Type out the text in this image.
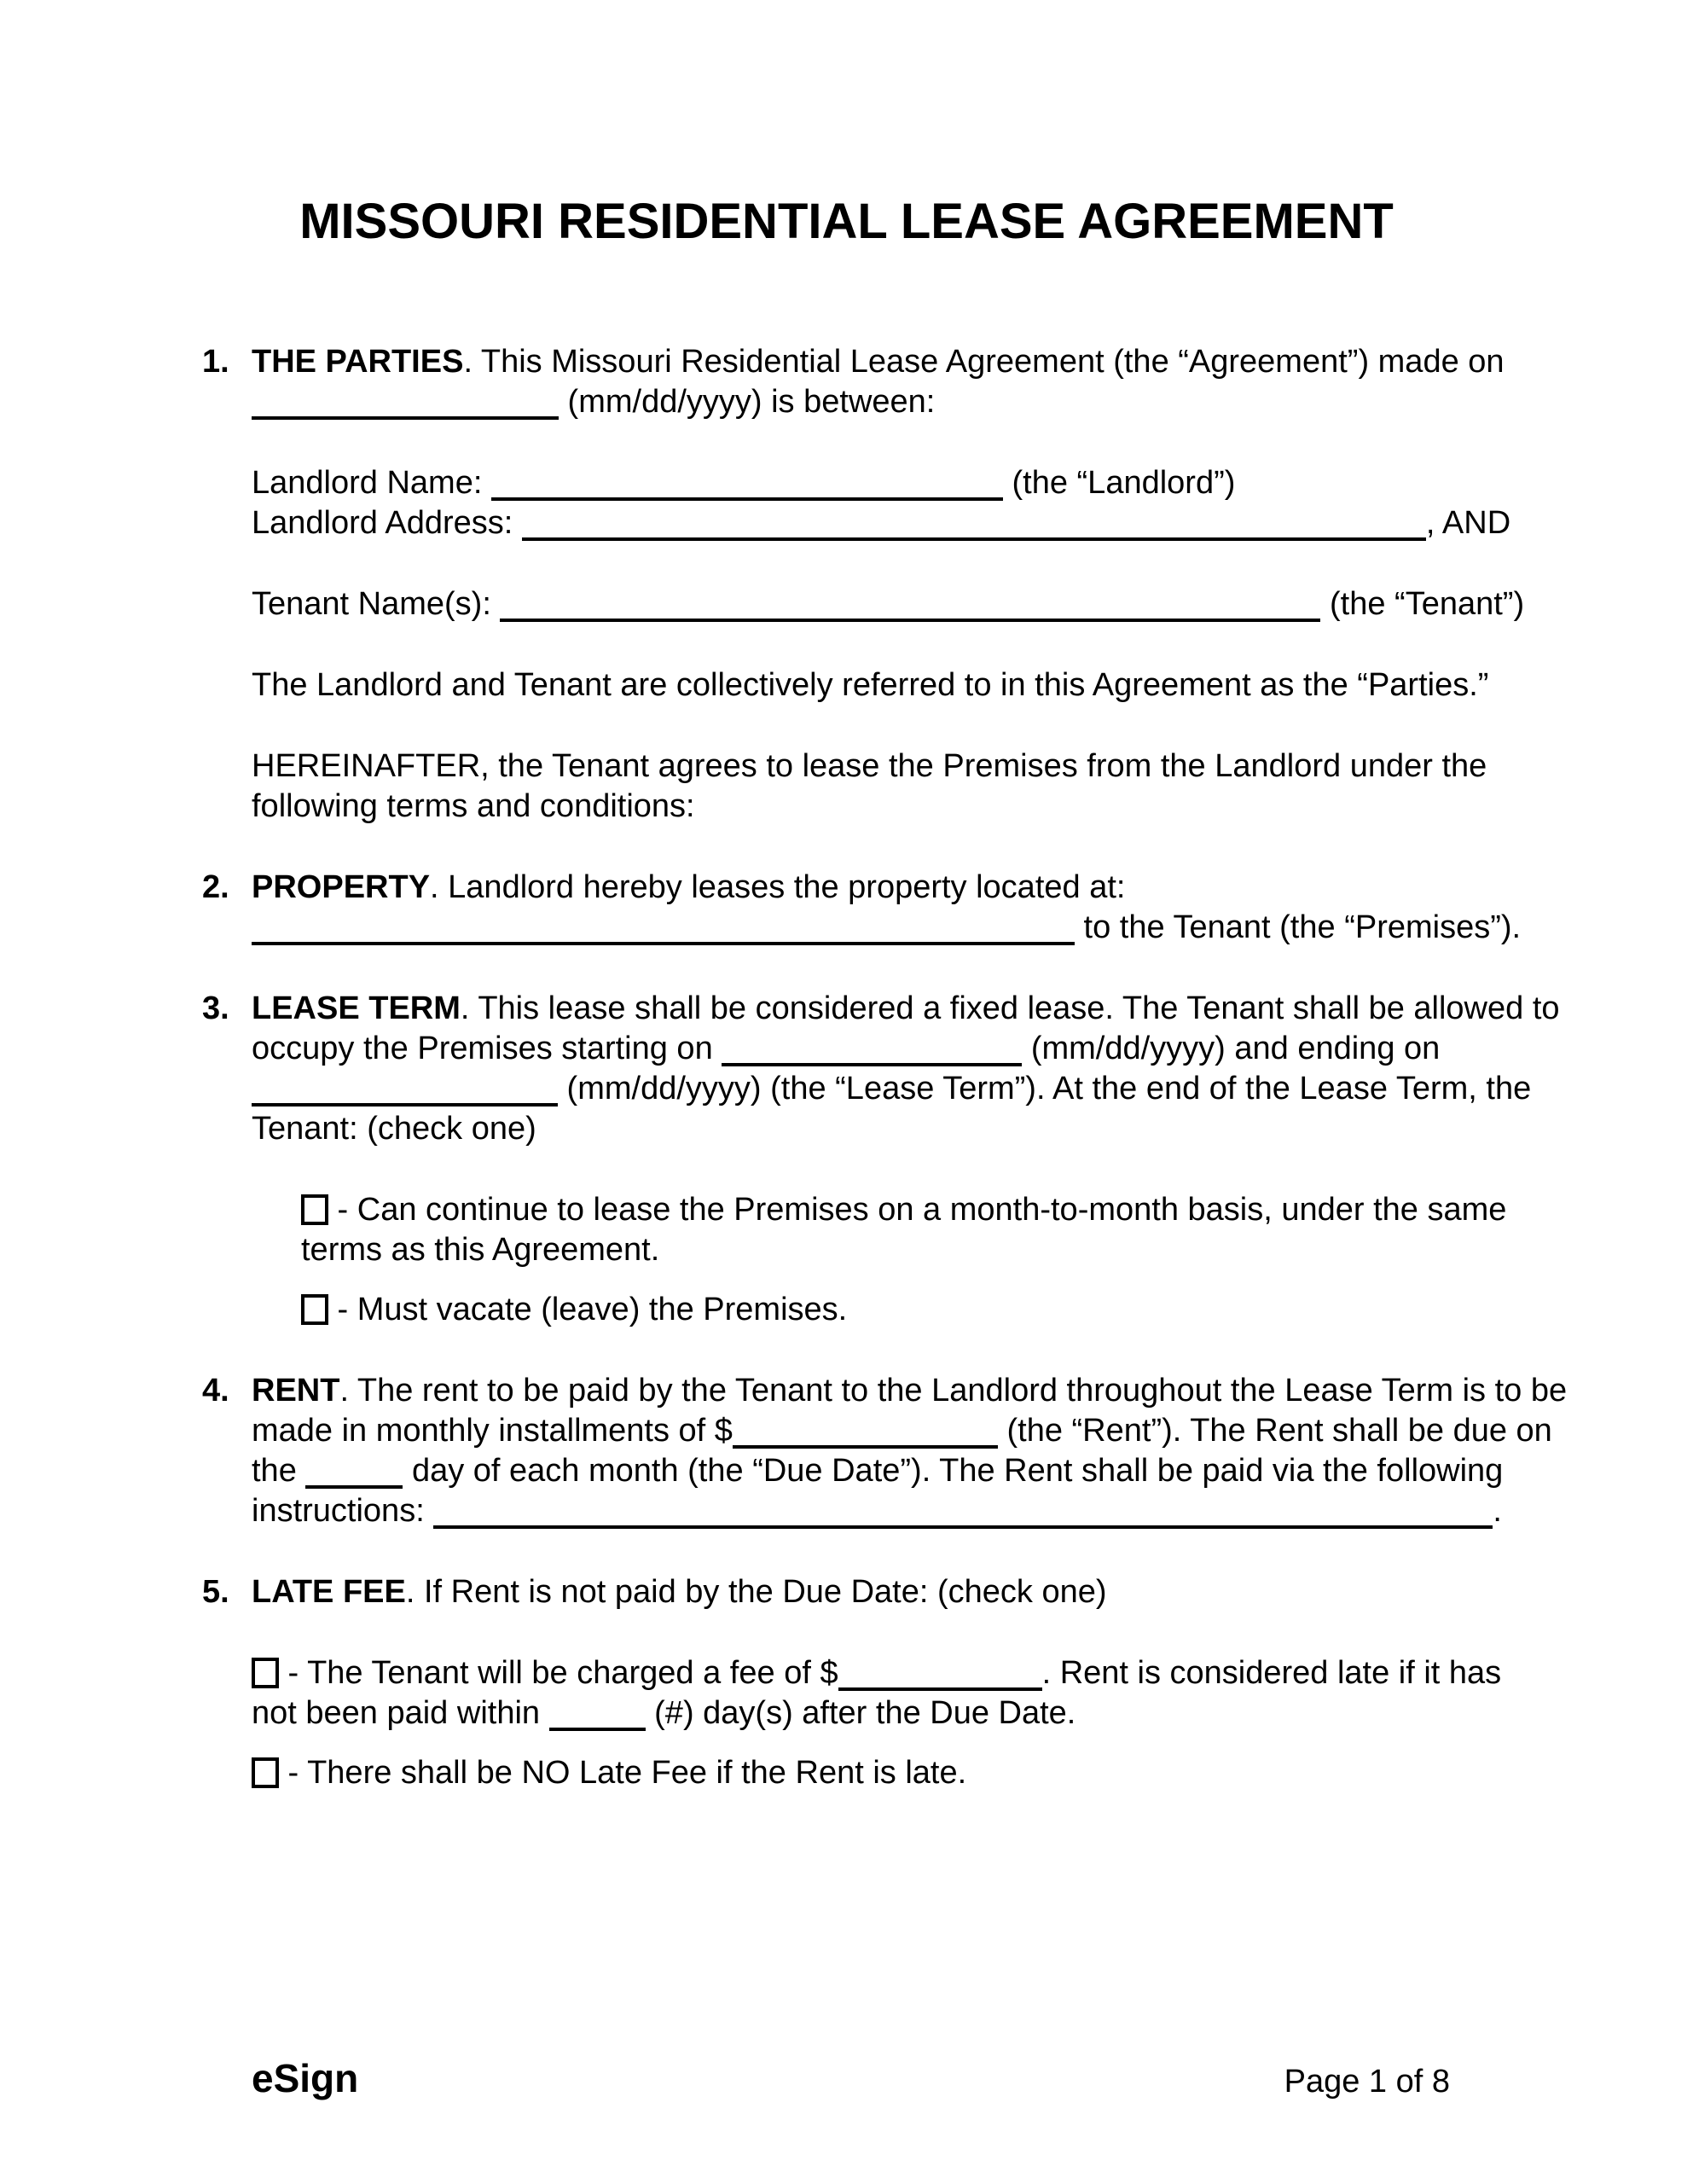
MISSOURI RESIDENTIAL LEASE AGREEMENT
1. THE PARTIES. This Missouri Residential Lease Agreement (the “Agreement”) made on
(mm/dd/yyyy) is between:
Landlord Name:	(the “Landlord”)
Landlord Address:	, AND
Tenant Name(s):	(the “Tenant”)
The Landlord and Tenant are collectively referred to in this Agreement as the “Parties.”
HEREINAFTER, the Tenant agrees to lease the Premises from the Landlord under the
following terms and conditions:
2. PROPERTY. Landlord hereby leases the property located at:
to the Tenant (the “Premises”).
3. LEASE TERM. This lease shall be considered a fixed lease. The Tenant shall be allowed to
occupy the Premises starting on	(mm/dd/yyyy) and ending on
(mm/dd/yyyy) (the “Lease Term”). At the end of the Lease Term, the
Tenant: (check one)
- Can continue to lease the Premises on a month-to-month basis, under the same
terms as this Agreement.
- Must vacate (leave) the Premises.
4. RENT. The rent to be paid by the Tenant to the Landlord throughout the Lease Term is to be
made in monthly installments of $	(the “Rent”). The Rent shall be due on
the	day of each month (the “Due Date”). The Rent shall be paid via the following
instructions:	.
5. LATE FEE. If Rent is not paid by the Due Date: (check one)
- The Tenant will be charged a fee of $	. Rent is considered late if it has
not been paid within	(#) day(s) after the Due Date.
- There shall be NO Late Fee if the Rent is late.
eSign	Page 1 of 8
